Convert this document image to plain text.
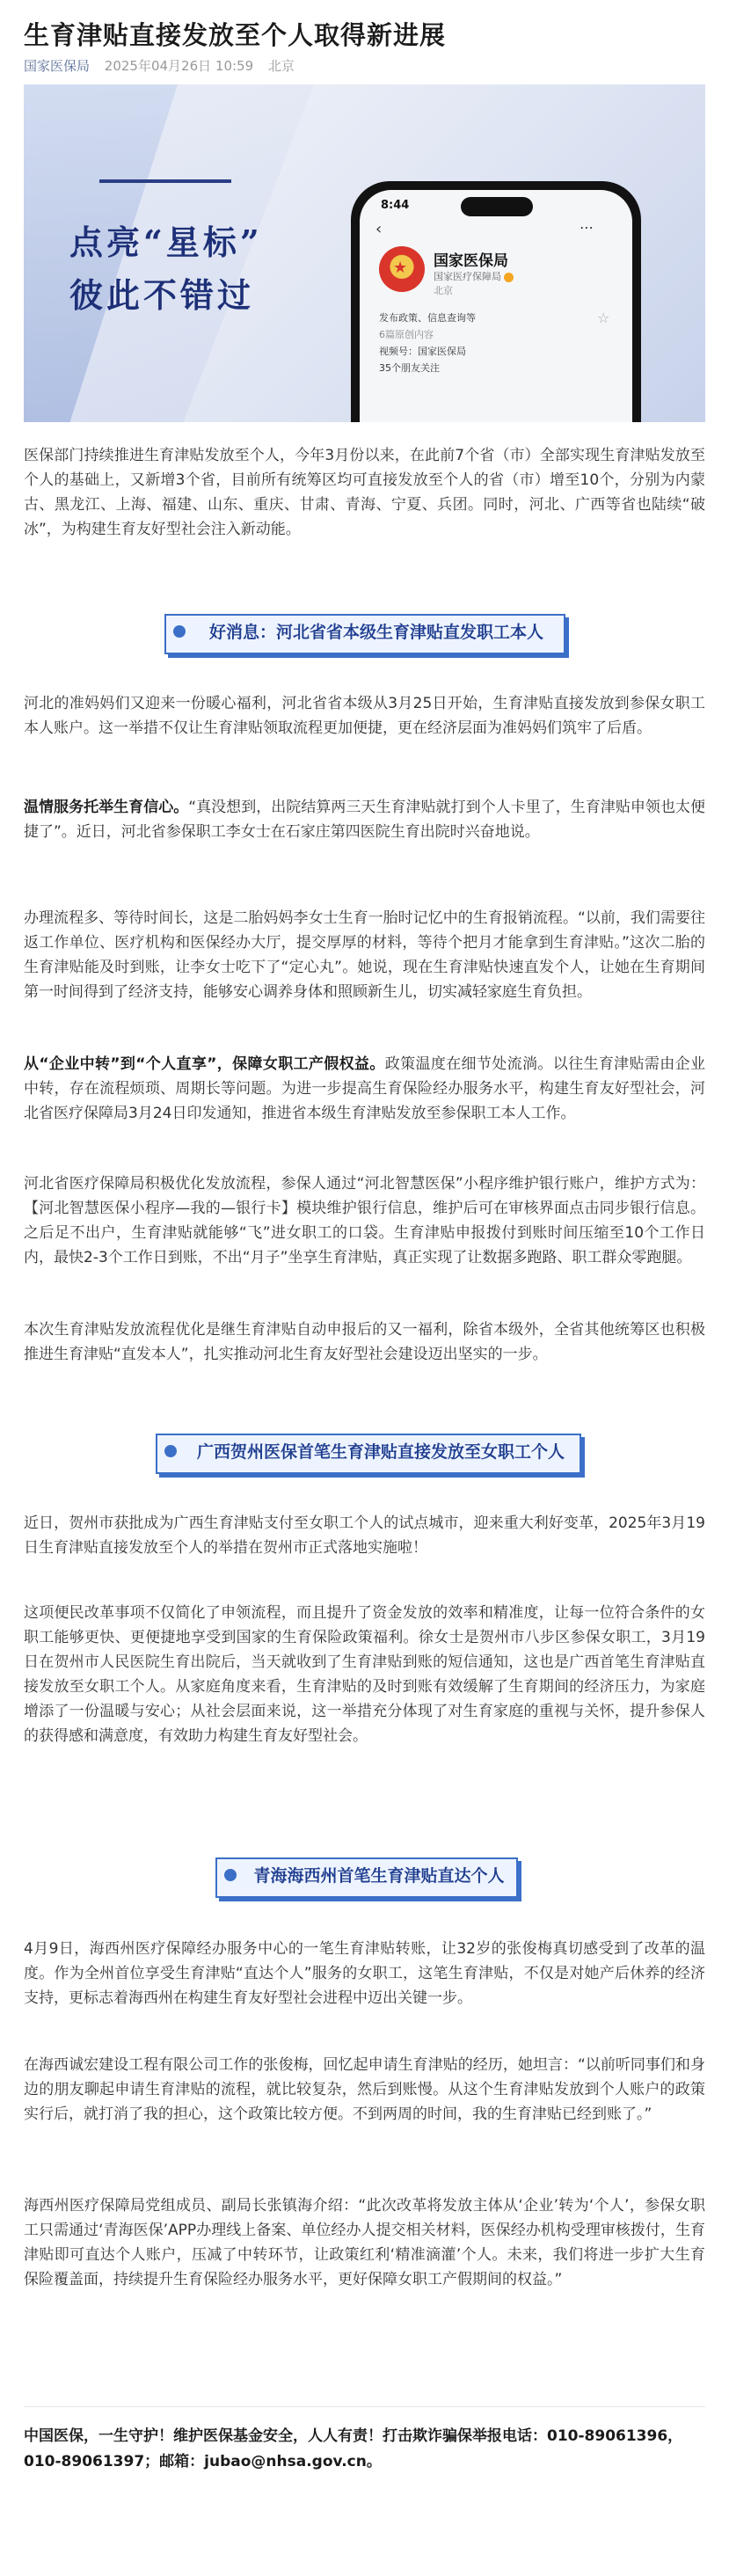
生育津贴直接发放至个人取得新进展
国家医保局 2025年04月26日 10:59 北京
点亮“星标”
彼此不错过
8:44
‹	⋯
★ 国家医保局
国家医疗保障局
北京
☆
发布政策、信息查询等
6篇原创内容
视频号：国家医保局
35个朋友关注

医保部门持续推进生育津贴发放至个人，今年3月份以来，在此前7个省（市）全部实现生育津贴发放至个人的基础上，又新增3个省，目前所有统筹区均可直接发放至个人的省（市）增至10个，分别为内蒙古、黑龙江、上海、福建、山东、重庆、甘肃、青海、宁夏、兵团。同时，河北、广西等省也陆续“破冰”，为构建生育友好型社会注入新动能。

好消息：河北省省本级生育津贴直发职工本人

河北的准妈妈们又迎来一份暖心福利，河北省省本级从3月25日开始，生育津贴直接发放到参保女职工本人账户。这一举措不仅让生育津贴领取流程更加便捷，更在经济层面为准妈妈们筑牢了后盾。

温情服务托举生育信心。“真没想到，出院结算两三天生育津贴就打到个人卡里了，生育津贴申领也太便捷了”。近日，河北省参保职工李女士在石家庄第四医院生育出院时兴奋地说。

办理流程多、等待时间长，这是二胎妈妈李女士生育一胎时记忆中的生育报销流程。“以前，我们需要往返工作单位、医疗机构和医保经办大厅，提交厚厚的材料，等待个把月才能拿到生育津贴。”这次二胎的生育津贴能及时到账，让李女士吃下了“定心丸”。她说，现在生育津贴快速直发个人，让她在生育期间第一时间得到了经济支持，能够安心调养身体和照顾新生儿，切实减轻家庭生育负担。

从“企业中转”到“个人直享”，保障女职工产假权益。政策温度在细节处流淌。以往生育津贴需由企业中转，存在流程烦琐、周期长等问题。为进一步提高生育保险经办服务水平，构建生育友好型社会，河北省医疗保障局3月24日印发通知，推进省本级生育津贴发放至参保职工本人工作。

河北省医疗保障局积极优化发放流程，参保人通过“河北智慧医保”小程序维护银行账户，维护方式为：【河北智慧医保小程序—我的—银行卡】模块维护银行信息，维护后可在审核界面点击同步银行信息。之后足不出户，生育津贴就能够“飞”进女职工的口袋。生育津贴申报拨付到账时间压缩至10个工作日内，最快2-3个工作日到账，不出“月子”坐享生育津贴，真正实现了让数据多跑路、职工群众零跑腿。

本次生育津贴发放流程优化是继生育津贴自动申报后的又一福利，除省本级外，全省其他统筹区也积极推进生育津贴“直发本人”，扎实推动河北生育友好型社会建设迈出坚实的一步。

广西贺州医保首笔生育津贴直接发放至女职工个人

近日，贺州市获批成为广西生育津贴支付至女职工个人的试点城市，迎来重大利好变革，2025年3月19日生育津贴直接发放至个人的举措在贺州市正式落地实施啦！

这项便民改革事项不仅简化了申领流程，而且提升了资金发放的效率和精准度，让每一位符合条件的女职工能够更快、更便捷地享受到国家的生育保险政策福利。徐女士是贺州市八步区参保女职工，3月19日在贺州市人民医院生育出院后，当天就收到了生育津贴到账的短信通知，这也是广西首笔生育津贴直接发放至女职工个人。从家庭角度来看，生育津贴的及时到账有效缓解了生育期间的经济压力，为家庭增添了一份温暖与安心；从社会层面来说，这一举措充分体现了对生育家庭的重视与关怀，提升参保人的获得感和满意度，有效助力构建生育友好型社会。

青海海西州首笔生育津贴直达个人

4月9日，海西州医疗保障经办服务中心的一笔生育津贴转账，让32岁的张俊梅真切感受到了改革的温度。作为全州首位享受生育津贴“直达个人”服务的女职工，这笔生育津贴，不仅是对她产后休养的经济支持，更标志着海西州在构建生育友好型社会进程中迈出关键一步。

在海西诚宏建设工程有限公司工作的张俊梅，回忆起申请生育津贴的经历，她坦言：“以前听同事们和身边的朋友聊起申请生育津贴的流程，就比较复杂，然后到账慢。从这个生育津贴发放到个人账户的政策实行后，就打消了我的担心，这个政策比较方便。不到两周的时间，我的生育津贴已经到账了。”

海西州医疗保障局党组成员、副局长张镇海介绍：“此次改革将发放主体从‘企业’转为‘个人’，参保女职工只需通过‘青海医保’APP办理线上备案、单位经办人提交相关材料，医保经办机构受理审核拨付，生育津贴即可直达个人账户，压减了中转环节，让政策红利‘精准滴灌’个人。未来，我们将进一步扩大生育保险覆盖面，持续提升生育保险经办服务水平，更好保障女职工产假期间的权益。”

中国医保，一生守护！维护医保基金安全，人人有责！打击欺诈骗保举报电话：010-89061396，010-89061397；邮箱：jubao@nhsa.gov.cn。
